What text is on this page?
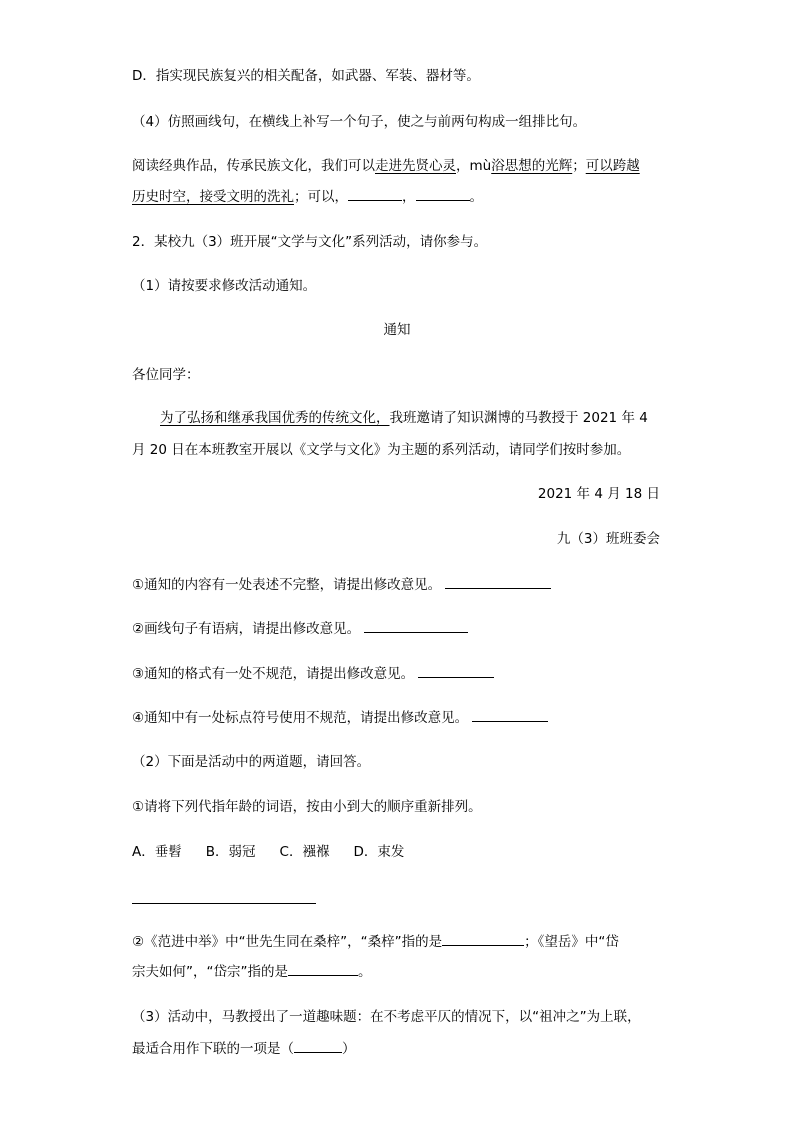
D．指实现民族复兴的相关配备，如武器、军装、器材等。
（4）仿照画线句，在横线上补写一个句子，使之与前两句构成一组排比句。
阅读经典作品，传承民族文化，我们可以走进先贤心灵，mù浴思想的光辉；可以跨越
历史时空，接受文明的洗礼；可以，	，	。
2．某校九（3）班开展“文学与文化”系列活动，请你参与。
（1）请按要求修改活动通知。
通知
各位同学：
为了弘扬和继承我国优秀的传统文化，我班邀请了知识渊博的马教授于 2021 年 4
月 20 日在本班教室开展以《文学与文化》为主题的系列活动，请同学们按时参加。
2021 年 4 月 18 日
九（3）班班委会
①通知的内容有一处表述不完整，请提出修改意见。
②画线句子有语病，请提出修改意见。
③通知的格式有一处不规范，请提出修改意见。
④通知中有一处标点符号使用不规范，请提出修改意见。
（2）下面是活动中的两道题，请回答。
①请将下列代指年龄的词语，按由小到大的顺序重新排列。
A．垂髫 B．弱冠 C．襁褓 D．束发
②《范进中举》中“世先生同在桑梓”，“桑梓”指的是	；《望岳》中“岱
宗夫如何”，“岱宗”指的是	。
（3）活动中，马教授出了一道趣味题：在不考虑平仄的情况下，以“祖冲之”为上联，
最适合用作下联的一项是（	）
